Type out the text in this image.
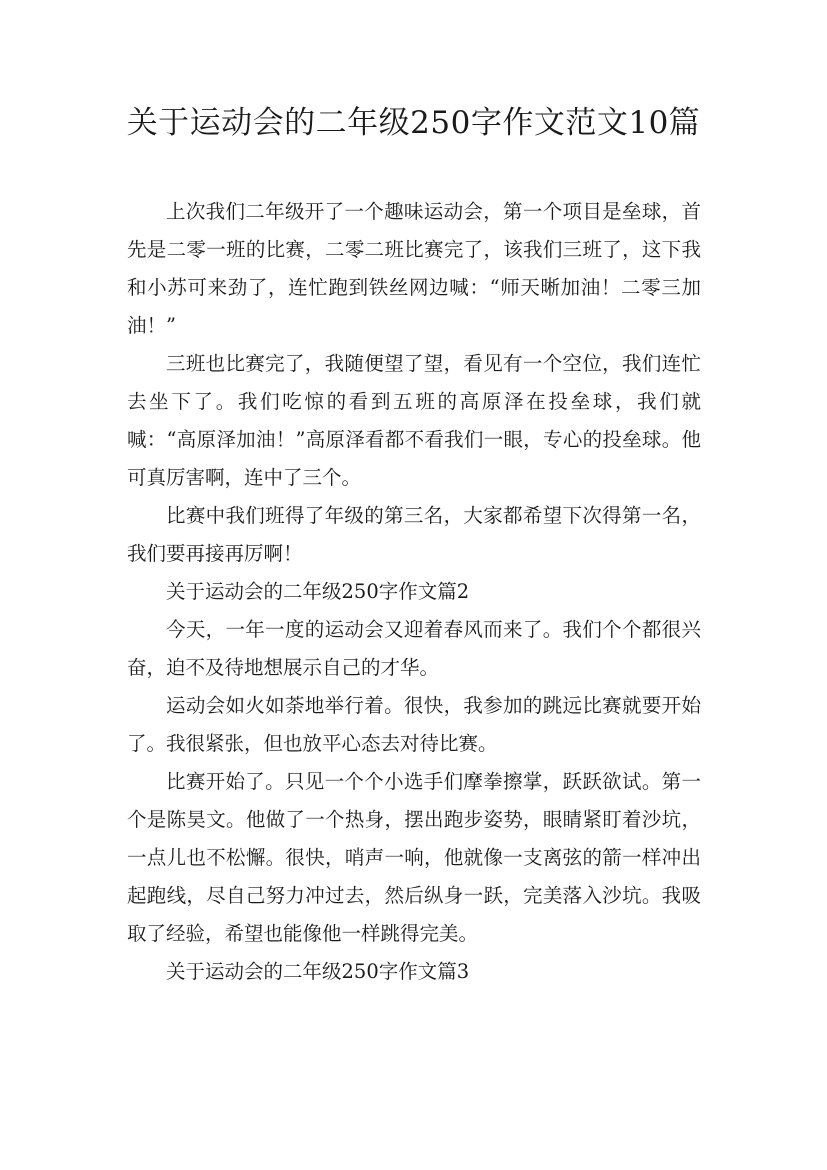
关于运动会的二年级250字作文范文10篇

上次我们二年级开了一个趣味运动会，第一个项目是垒球，首先是二零一班的比赛，二零二班比赛完了，该我们三班了，这下我和小苏可来劲了，连忙跑到铁丝网边喊：“师天晰加油！二零三加油！”

三班也比赛完了，我随便望了望，看见有一个空位，我们连忙去坐下了。我们吃惊的看到五班的高原泽在投垒球，我们就喊：“高原泽加油！”高原泽看都不看我们一眼，专心的投垒球。他可真厉害啊，连中了三个。

比赛中我们班得了年级的第三名，大家都希望下次得第一名，我们要再接再厉啊！

关于运动会的二年级250字作文篇2

今天，一年一度的运动会又迎着春风而来了。我们个个都很兴奋，迫不及待地想展示自己的才华。

运动会如火如荼地举行着。很快，我参加的跳远比赛就要开始了。我很紧张，但也放平心态去对待比赛。

比赛开始了。只见一个个小选手们摩拳擦掌，跃跃欲试。第一个是陈昊文。他做了一个热身，摆出跑步姿势，眼睛紧盯着沙坑，一点儿也不松懈。很快，哨声一响，他就像一支离弦的箭一样冲出起跑线，尽自己努力冲过去，然后纵身一跃，完美落入沙坑。我吸取了经验，希望也能像他一样跳得完美。

关于运动会的二年级250字作文篇3
